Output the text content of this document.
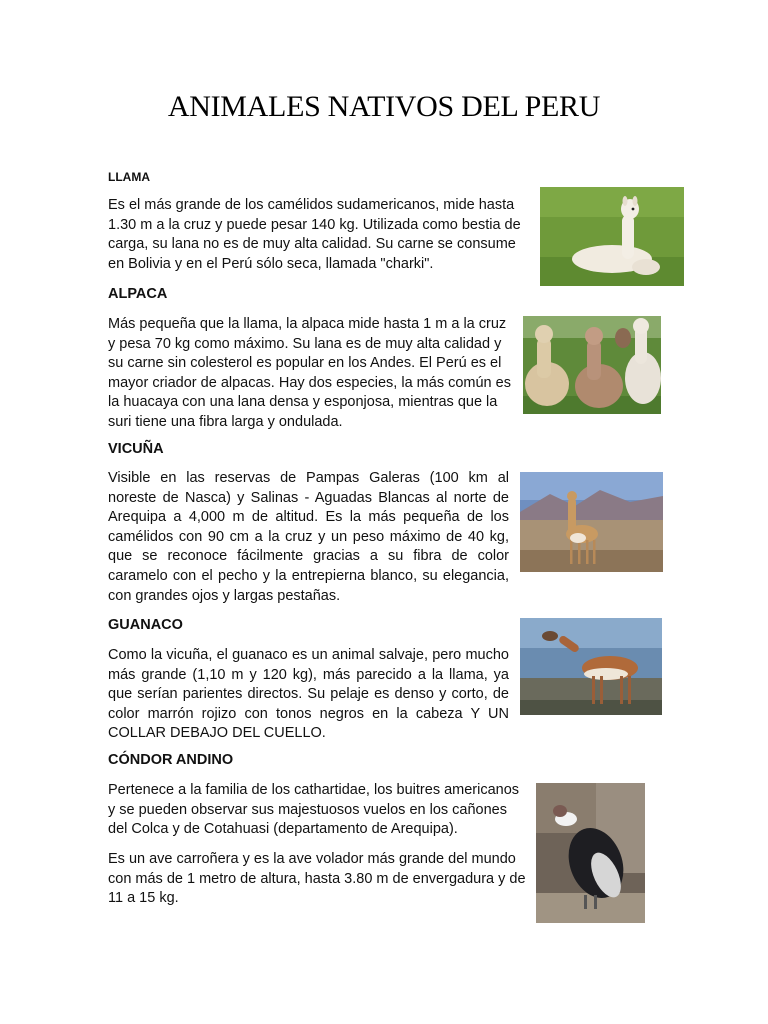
ANIMALES NATIVOS DEL PERU
LLAMA

Es el más grande de los camélidos sudamericanos, mide hasta 1.30 m a la cruz y puede pesar 140 kg. Utilizada como bestia de carga, su lana no es de muy alta calidad. Su carne se consume en Bolivia y en el Perú sólo seca, llamada "charki".

ALPACA

Más pequeña que la llama, la alpaca mide hasta 1 m a la cruz y pesa 70 kg como máximo. Su lana es de muy alta calidad y su carne sin colesterol es popular en los Andes. El Perú es el mayor criador de alpacas. Hay dos especies, la más común es la huacaya con una lana densa y esponjosa, mientras que la suri tiene una fibra larga y ondulada.

VICUÑA

Visible en las reservas de Pampas Galeras (100 km al noreste de Nasca) y Salinas - Aguadas Blancas al norte de Arequipa a 4,000 m de altitud. Es la más pequeña de los camélidos con 90 cm a la cruz y un peso máximo de 40 kg, que se reconoce fácilmente gracias a su fibra de color caramelo con el pecho y la entrepierna blanco, su elegancia, con grandes ojos y largas pestañas.

GUANACO

Como la vicuña, el guanaco es un animal salvaje, pero mucho más grande (1,10 m y 120 kg), más parecido a la llama, ya que serían parientes directos. Su pelaje es denso y corto, de color marrón rojizo con tonos negros en la cabeza Y UN COLLAR DEBAJO DEL CUELLO.

CÓNDOR ANDINO

Pertenece a la familia de los cathartidae, los buitres americanos y se pueden observar sus majestuosos vuelos en los cañones del Colca y de Cotahuasi (departamento de Arequipa).

Es un ave carroñera y es la ave volador más grande del mundo con más de 1 metro de altura, hasta 3.80 m de envergadura y de 11 a 15 kg.
